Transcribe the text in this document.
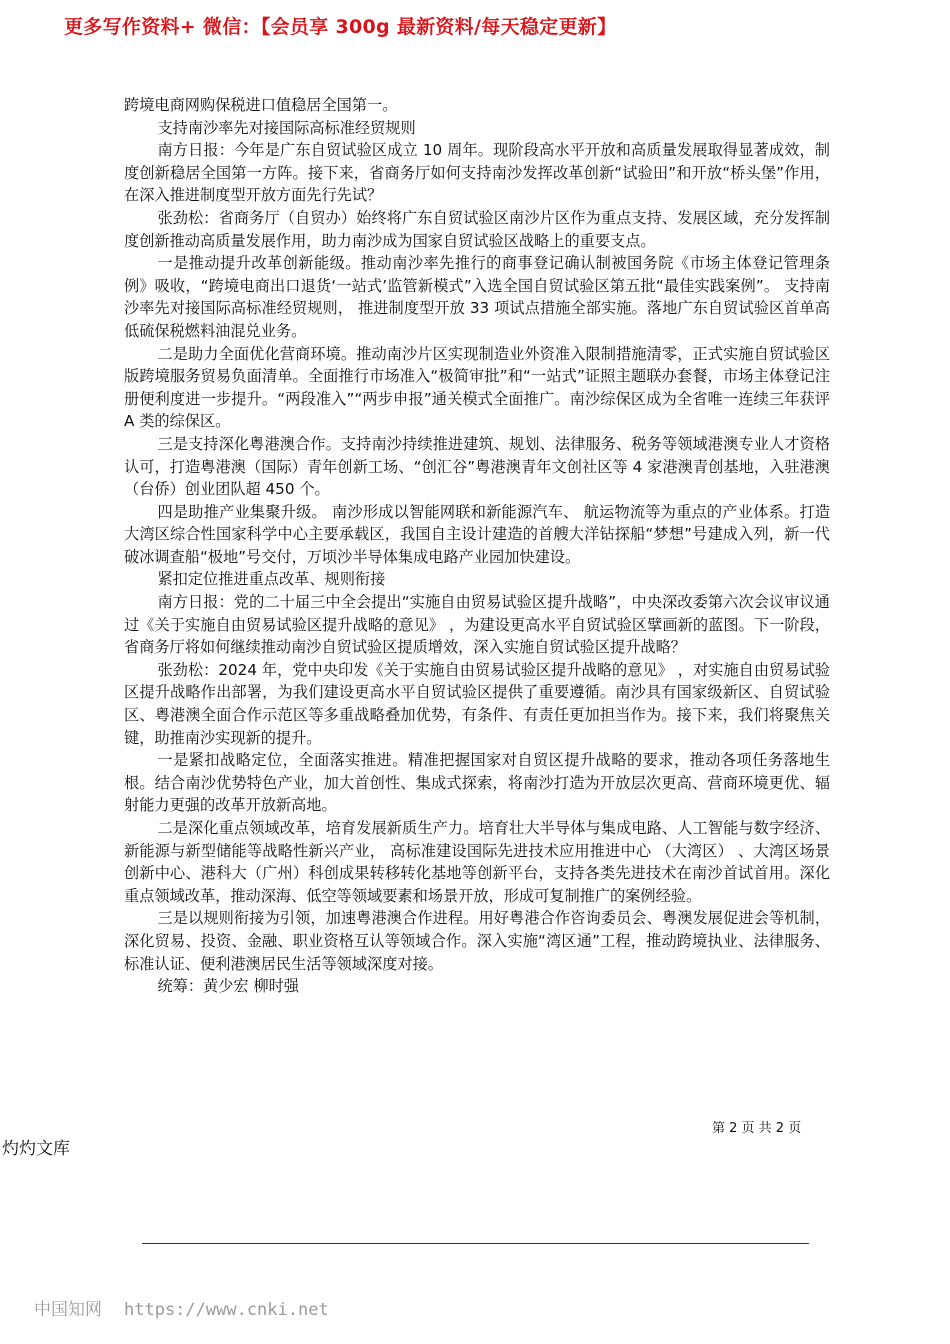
更多写作资料+ 微信：【会员享 300g 最新资料/每天稳定更新】

跨境电商网购保税进口值稳居全国第一。

支持南沙率先对接国际高标准经贸规则

南方日报：今年是广东自贸试验区成立 10 周年。现阶段高水平开放和高质量发展取得显著成效，制度创新稳居全国第一方阵。接下来，省商务厅如何支持南沙发挥改革创新“试验田”和开放“桥头堡”作用，在深入推进制度型开放方面先行先试？

张劲松：省商务厅（自贸办）始终将广东自贸试验区南沙片区作为重点支持、发展区域，充分发挥制度创新推动高质量发展作用，助力南沙成为国家自贸试验区战略上的重要支点。

一是推动提升改革创新能级。推动南沙率先推行的商事登记确认制被国务院《市场主体登记管理条例》吸收，“跨境电商出口退货‘一站式’监管新模式”入选全国自贸试验区第五批“最佳实践案例”。 支持南沙率先对接国际高标准经贸规则， 推进制度型开放 33 项试点措施全部实施。落地广东自贸试验区首单高低硫保税燃料油混兑业务。

二是助力全面优化营商环境。推动南沙片区实现制造业外资准入限制措施清零，正式实施自贸试验区版跨境服务贸易负面清单。全面推行市场准入“极简审批”和“一站式”证照主题联办套餐，市场主体登记注册便利度进一步提升。“两段准入”“两步申报”通关模式全面推广。南沙综保区成为全省唯一连续三年获评 A 类的综保区。

三是支持深化粤港澳合作。支持南沙持续推进建筑、规划、法律服务、税务等领域港澳专业人才资格认可，打造粤港澳（国际）青年创新工场、“创汇谷”粤港澳青年文创社区等 4 家港澳青创基地，入驻港澳（台侨）创业团队超 450 个。

四是助推产业集聚升级。 南沙形成以智能网联和新能源汽车、 航运物流等为重点的产业体系。打造大湾区综合性国家科学中心主要承载区，我国自主设计建造的首艘大洋钻探船“梦想”号建成入列，新一代破冰调查船“极地”号交付，万顷沙半导体集成电路产业园加快建设。

紧扣定位推进重点改革、规则衔接

南方日报：党的二十届三中全会提出“实施自由贸易试验区提升战略”，中央深改委第六次会议审议通过《关于实施自由贸易试验区提升战略的意见》 ，为建设更高水平自贸试验区擘画新的蓝图。下一阶段，省商务厅将如何继续推动南沙自贸试验区提质增效，深入实施自贸试验区提升战略？

张劲松：2024 年，党中央印发《关于实施自由贸易试验区提升战略的意见》 ，对实施自由贸易试验区提升战略作出部署，为我们建设更高水平自贸试验区提供了重要遵循。南沙具有国家级新区、自贸试验区、粤港澳全面合作示范区等多重战略叠加优势，有条件、有责任更加担当作为。接下来，我们将聚焦关键，助推南沙实现新的提升。

一是紧扣战略定位，全面落实推进。精准把握国家对自贸区提升战略的要求，推动各项任务落地生根。结合南沙优势特色产业，加大首创性、集成式探索，将南沙打造为开放层次更高、营商环境更优、辐射能力更强的改革开放新高地。

二是深化重点领域改革，培育发展新质生产力。培育壮大半导体与集成电路、人工智能与数字经济、 新能源与新型储能等战略性新兴产业， 高标准建设国际先进技术应用推进中心 （大湾区） 、大湾区场景创新中心、港科大（广州）科创成果转移转化基地等创新平台，支持各类先进技术在南沙首试首用。深化重点领域改革，推动深海、低空等领域要素和场景开放，形成可复制推广的案例经验。

三是以规则衔接为引领，加速粤港澳合作进程。用好粤港合作咨询委员会、粤澳发展促进会等机制，深化贸易、投资、金融、职业资格互认等领域合作。深入实施“湾区通”工程，推动跨境执业、法律服务、标准认证、便利港澳居民生活等领域深度对接。

统筹：黄少宏 柳时强

第 2 页 共 2 页
灼灼文库
中国知网 https://www.cnki.net
